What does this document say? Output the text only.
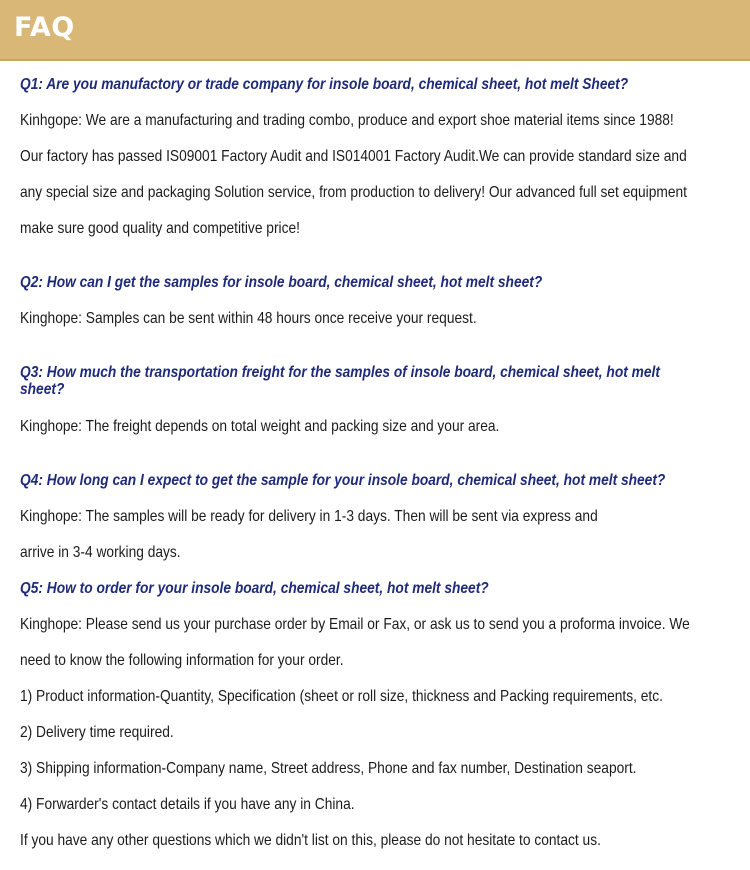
FAQ
Q1: Are you manufactory or trade company for insole board, chemical sheet, hot melt Sheet?
Kinhgope: We are a manufacturing and trading combo, produce and export shoe material items since 1988!
Our factory has passed IS09001 Factory Audit and IS014001 Factory Audit.We can provide standard size and
any special size and packaging Solution service, from production to delivery! Our advanced full set equipment
make sure good quality and competitive price!
Q2: How can I get the samples for insole board, chemical sheet, hot melt sheet?
Kinghope: Samples can be sent within 48 hours once receive your request.
Q3: How much the transportation freight for the samples of insole board, chemical sheet, hot melt
sheet?
Kinghope: The freight depends on total weight and packing size and your area.
Q4: How long can I expect to get the sample for your insole board, chemical sheet, hot melt sheet?
Kinghope: The samples will be ready for delivery in 1-3 days. Then will be sent via express and
arrive in 3-4 working days.
Q5: How to order for your insole board, chemical sheet, hot melt sheet?
Kinghope: Please send us your purchase order by Email or Fax, or ask us to send you a proforma invoice. We
need to know the following information for your order.
1) Product information-Quantity, Specification (sheet or roll size, thickness and Packing requirements, etc.
2) Delivery time required.
3) Shipping information-Company name, Street address, Phone and fax number, Destination seaport.
4) Forwarder's contact details if you have any in China.
If you have any other questions which we didn't list on this, please do not hesitate to contact us.
